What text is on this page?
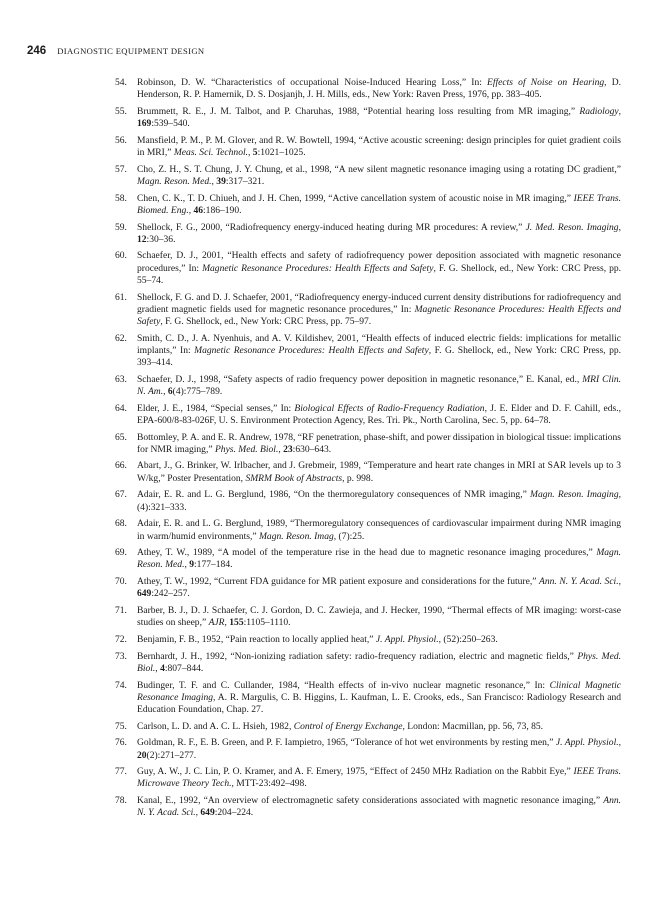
246 DIAGNOSTIC EQUIPMENT DESIGN
54. Robinson, D. W. “Characteristics of occupational Noise-Induced Hearing Loss,” In: Effects of Noise on Hearing, D. Henderson, R. P. Hamernik, D. S. Dosjanjh, J. H. Mills, eds., New York: Raven Press, 1976, pp. 383–405.
55. Brummett, R. E., J. M. Talbot, and P. Charuhas, 1988, “Potential hearing loss resulting from MR imaging,” Radiology, 169:539–540.
56. Mansfield, P. M., P. M. Glover, and R. W. Bowtell, 1994, “Active acoustic screening: design principles for quiet gradient coils in MRI,” Meas. Sci. Technol., 5:1021–1025.
57. Cho, Z. H., S. T. Chung, J. Y. Chung, et al., 1998, “A new silent magnetic resonance imaging using a rotating DC gradient,” Magn. Reson. Med., 39:317–321.
58. Chen, C. K., T. D. Chiueh, and J. H. Chen, 1999, “Active cancellation system of acoustic noise in MR imaging,” IEEE Trans. Biomed. Eng., 46:186–190.
59. Shellock, F. G., 2000, “Radiofrequency energy-induced heating during MR procedures: A review,” J. Med. Reson. Imaging, 12:30–36.
60. Schaefer, D. J., 2001, “Health effects and safety of radiofrequency power deposition associated with magnetic resonance procedures,” In: Magnetic Resonance Procedures: Health Effects and Safety, F. G. Shellock, ed., New York: CRC Press, pp. 55–74.
61. Shellock, F. G. and D. J. Schaefer, 2001, “Radiofrequency energy-induced current density distributions for radiofrequency and gradient magnetic fields used for magnetic resonance procedures,” In: Magnetic Resonance Procedures: Health Effects and Safety, F. G. Shellock, ed., New York: CRC Press, pp. 75–97.
62. Smith, C. D., J. A. Nyenhuis, and A. V. Kildishev, 2001, “Health effects of induced electric fields: implications for metallic implants,” In: Magnetic Resonance Procedures: Health Effects and Safety, F. G. Shellock, ed., New York: CRC Press, pp. 393–414.
63. Schaefer, D. J., 1998, “Safety aspects of radio frequency power deposition in magnetic resonance,” E. Kanal, ed., MRI Clin. N. Am., 6(4):775–789.
64. Elder, J. E., 1984, “Special senses,” In: Biological Effects of Radio-Frequency Radiation, J. E. Elder and D. F. Cahill, eds., EPA-600/8-83-026F, U. S. Environment Protection Agency, Res. Tri. Pk., North Carolina, Sec. 5, pp. 64–78.
65. Bottomley, P. A. and E. R. Andrew, 1978, “RF penetration, phase-shift, and power dissipation in biological tissue: implications for NMR imaging,” Phys. Med. Biol., 23:630–643.
66. Abart, J., G. Brinker, W. Irlbacher, and J. Grebmeir, 1989, “Temperature and heart rate changes in MRI at SAR levels up to 3 W/kg,” Poster Presentation, SMRM Book of Abstracts, p. 998.
67. Adair, E. R. and L. G. Berglund, 1986, “On the thermoregulatory consequences of NMR imaging,” Magn. Reson. Imaging, (4):321–333.
68. Adair, E. R. and L. G. Berglund, 1989, “Thermoregulatory consequences of cardiovascular impairment during NMR imaging in warm/humid environments,” Magn. Reson. Imag, (7):25.
69. Athey, T. W., 1989, “A model of the temperature rise in the head due to magnetic resonance imaging procedures,” Magn. Reson. Med., 9:177–184.
70. Athey, T. W., 1992, “Current FDA guidance for MR patient exposure and considerations for the future,” Ann. N. Y. Acad. Sci., 649:242–257.
71. Barber, B. J., D. J. Schaefer, C. J. Gordon, D. C. Zawieja, and J. Hecker, 1990, “Thermal effects of MR imaging: worst-case studies on sheep,” AJR, 155:1105–1110.
72. Benjamin, F. B., 1952, “Pain reaction to locally applied heat,” J. Appl. Physiol., (52):250–263.
73. Bernhardt, J. H., 1992, “Non-ionizing radiation safety: radio-frequency radiation, electric and magnetic fields,” Phys. Med. Biol., 4:807–844.
74. Budinger, T. F. and C. Cullander, 1984, “Health effects of in-vivo nuclear magnetic resonance,” In: Clinical Magnetic Resonance Imaging, A. R. Margulis, C. B. Higgins, L. Kaufman, L. E. Crooks, eds., San Francisco: Radiology Research and Education Foundation, Chap. 27.
75. Carlson, L. D. and A. C. L. Hsieh, 1982, Control of Energy Exchange, London: Macmillan, pp. 56, 73, 85.
76. Goldman, R. F., E. B. Green, and P. F. Iampietro, 1965, “Tolerance of hot wet environments by resting men,” J. Appl. Physiol., 20(2):271–277.
77. Guy, A. W., J. C. Lin, P. O. Kramer, and A. F. Emery, 1975, “Effect of 2450 MHz Radiation on the Rabbit Eye,” IEEE Trans. Microwave Theory Tech., MTT-23:492–498.
78. Kanal, E., 1992, “An overview of electromagnetic safety considerations associated with magnetic resonance imaging,” Ann. N. Y. Acad. Sci., 649:204–224.
